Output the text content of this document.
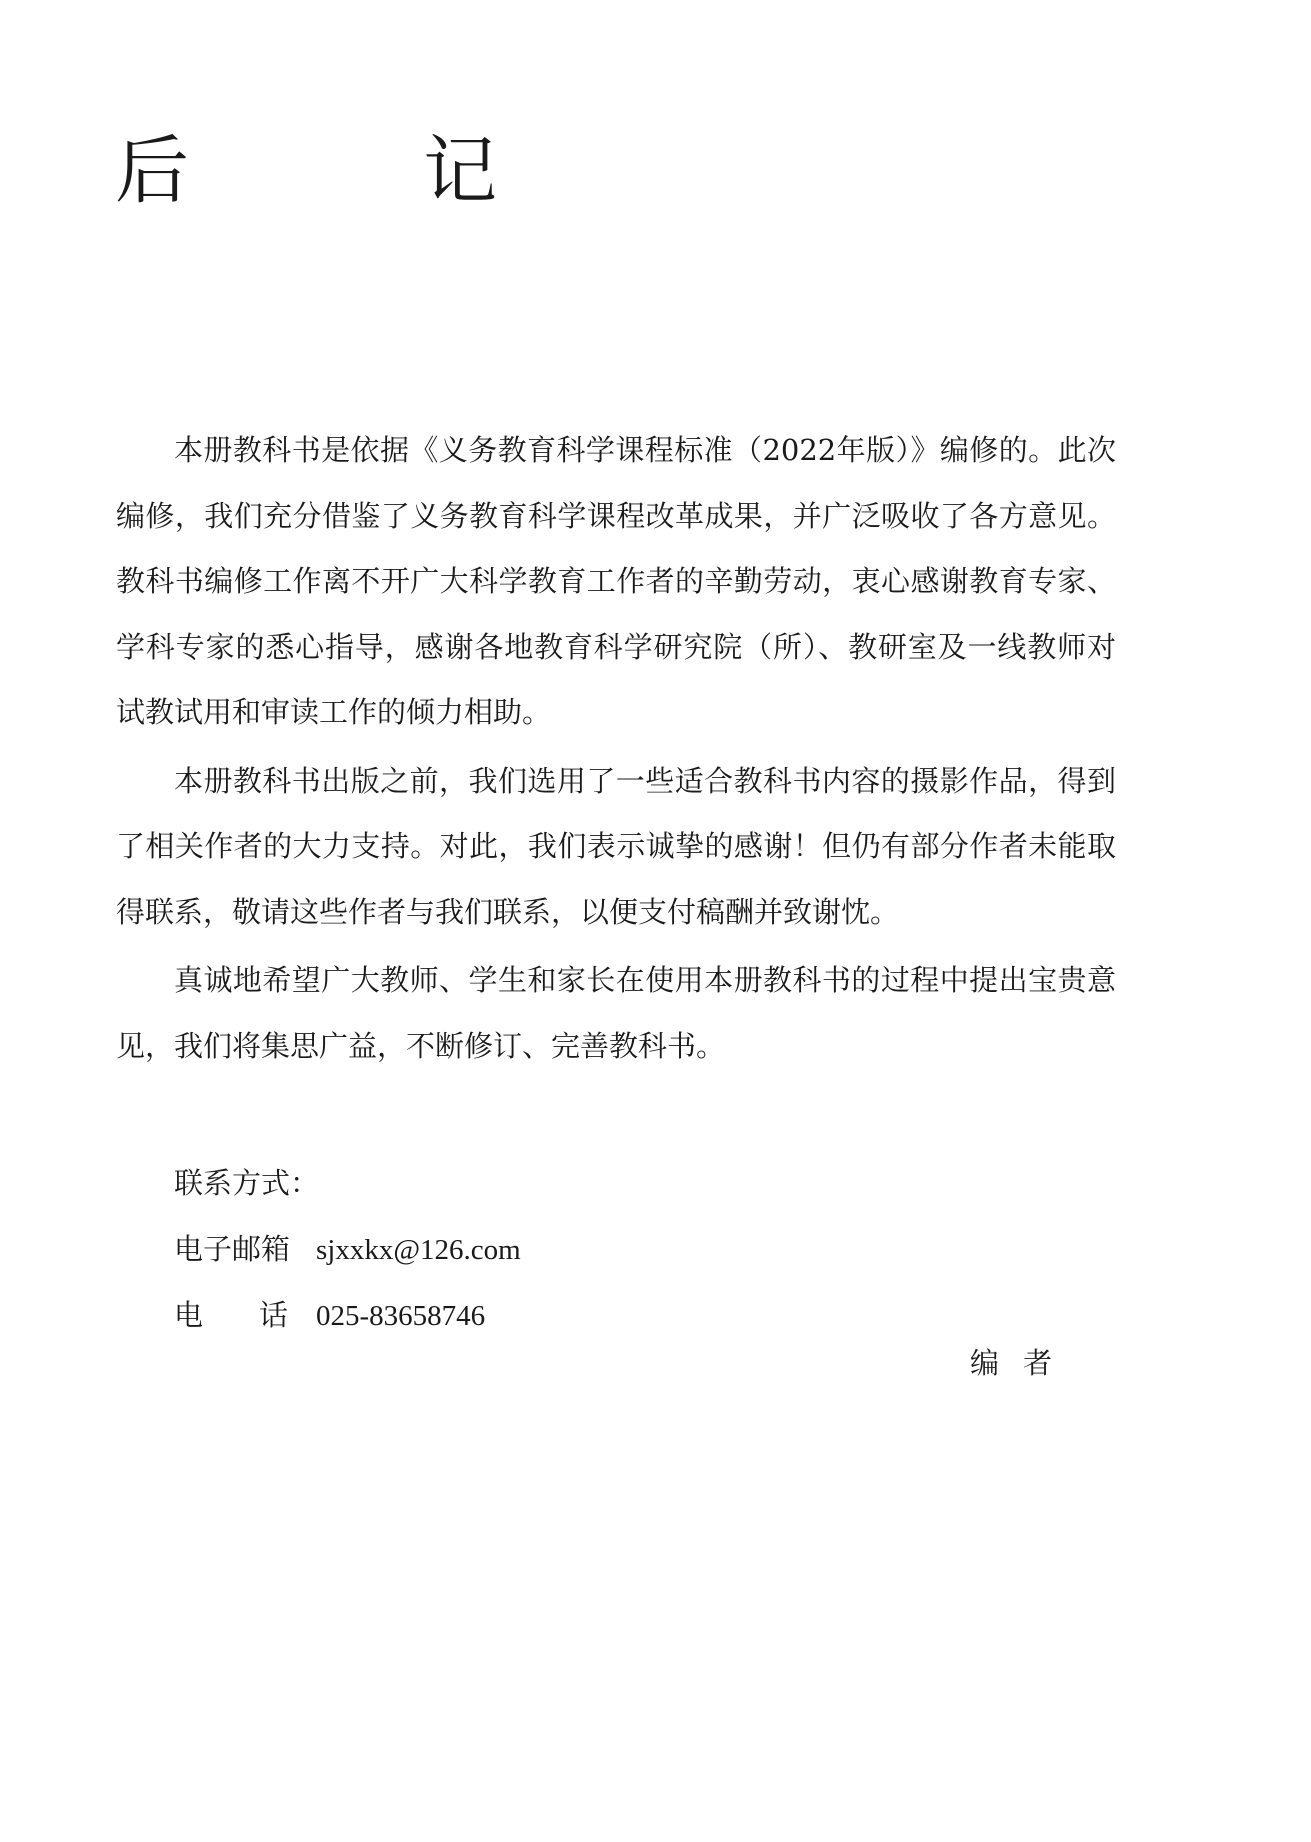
后　记

本册教科书是依据《义务教育科学课程标准（2022年版）》编修的。此次编修，我们充分借鉴了义务教育科学课程改革成果，并广泛吸收了各方意见。教科书编修工作离不开广大科学教育工作者的辛勤劳动，衷心感谢教育专家、学科专家的悉心指导，感谢各地教育科学研究院（所）、教研室及一线教师对试教试用和审读工作的倾力相助。

本册教科书出版之前，我们选用了一些适合教科书内容的摄影作品，得到了相关作者的大力支持。对此，我们表示诚挚的感谢！但仍有部分作者未能取得联系，敬请这些作者与我们联系，以便支付稿酬并致谢忱。

真诚地希望广大教师、学生和家长在使用本册教科书的过程中提出宝贵意见，我们将集思广益，不断修订、完善教科书。

联系方式：
电子邮箱 sjxxkx@126.com
电 话 025-83658746
编 者
